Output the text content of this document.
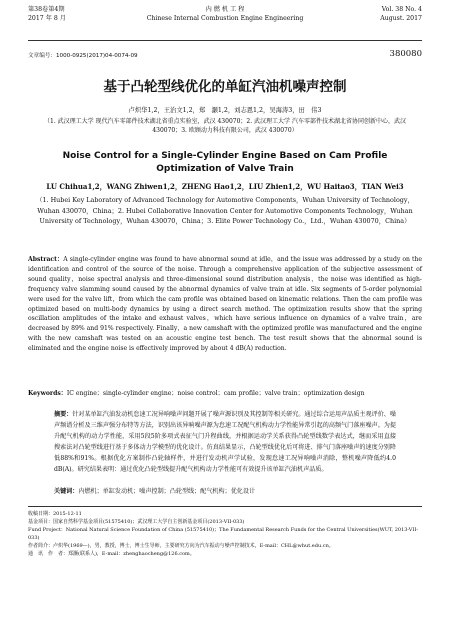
第38卷第4期
2017 年 8 月
内 燃 机 工 程
Chinese Internal Combustion Engine Engineering
Vol. 38 No. 4
August. 2017
文章编号：1000-0925(2017)04-0074-09	380080
基于凸轮型线优化的单缸汽油机噪声控制
卢炽华1,2，王治文1,2，郑　灏1,2，刘志恩1,2，吴海涛3，田　伟3
（1. 武汉理工大学 现代汽车零部件技术湖北省重点实验室，武汉 430070；2. 武汉理工大学 汽车零部件技术湖北省协同创新中心，武汉 430070；3. 欧顾动力科技有限公司，武汉 430070）
Noise Control for a Single-Cylinder Engine Based on Cam Profile Optimization of Valve Train
LU Chihua1,2，WANG Zhiwen1,2，ZHENG Hao1,2，LIU Zhien1,2，WU Haitao3，TIAN Wei3
（1. Hubei Key Laboratory of Advanced Technology for Automotive Components，Wuhan University of Technology，Wuhan 430070，China；2. Hubei Collaborative Innovation Center for Automotive Components Technology，Wuhan University of Technology，Wuhan 430070，China；3. Elite Power Technology Co.，Ltd.，Wuhan 430070，China）
Abstract：A single-cylinder engine was found to have abnormal sound at idle，and the issue was addressed by a study on the identification and control of the source of the noise. Through a comprehensive application of the subjective assessment of sound quality，noise spectral analysis and three-dimensional sound distribution analysis，the noise was identified as high-frequency valve slamming sound caused by the abnormal dynamics of valve train at idle. Six segments of 5-order polynomial were used for the valve lift，from which the cam profile was obtained based on kinematic relations. Then the cam profile was optimized based on multi-body dynamics by using a direct search method. The optimization results show that the spring oscillation amplitudes of the intake and exhaust valves，which have serious influence on dynamics of a valve train，are decreased by 89% and 91% respectively. Finally，a new camshaft with the optimized profile was manufactured and the engine with the new camshaft was tested on an acoustic engine test bench. The test result shows that the abnormal sound is eliminated and the engine noise is effectively improved by about 4 dB(A) reduction.
Keywords：IC engine；single-cylinder engine；noise control；cam profile；valve train；optimization design
摘要：针对某单缸汽油发动机怠速工况异响噪声问题开展了噪声源识别及其控制等相关研究。通过综合运用声品质主观评价、噪声频谱分析及三维声强分布特等方法，识别出该异响噪声源为怠速工况配气机构动力学性能异常引起的高频气门落座噪声。为提升配气机构的动力学性能，采用5段5阶多项式表征气门升程曲线，并根据运动学关系获得凸轮型线数学表达式，继而采用直接搜索法对凸轮型线进行基于多体动力学模型的优化设计。仿真结果显示，凸轮型线优化后可将进、排气门落座噪声的速度分别降低88%和91%。根据优化方案制作凸轮轴样件，并进行发动机声学试验，发现怠速工况异响噪声消除，整机噪声降低约4.0 dB(A)。研究结果表明：通过优化凸轮型线提升配气机构动力学性能可有效提升该单缸汽油机声品质。
关键词：内燃机；单缸发动机；噪声控制；凸轮型线；配气机构；优化设计
收稿日期：2015-12-11
基金项目：国家自然科学基金项目(51575410)；武汉理工大学自主创新基金项目(2013-VII-033)
Fund Project：National Natural Science Foundation of China (51575410)；The Fundamental Research Funds for the Central Universities(WUT, 2013-VII-033)
作者简介：卢炽华(1969—)，男，教授，博士，博士生导师，主要研究方向为汽车振动与噪声控制技术，E-mail：CHL@whut.edu.cn。
通　讯　作　者：郑灏(联系人)，E-mail：zhenghaocheng@126.com。
